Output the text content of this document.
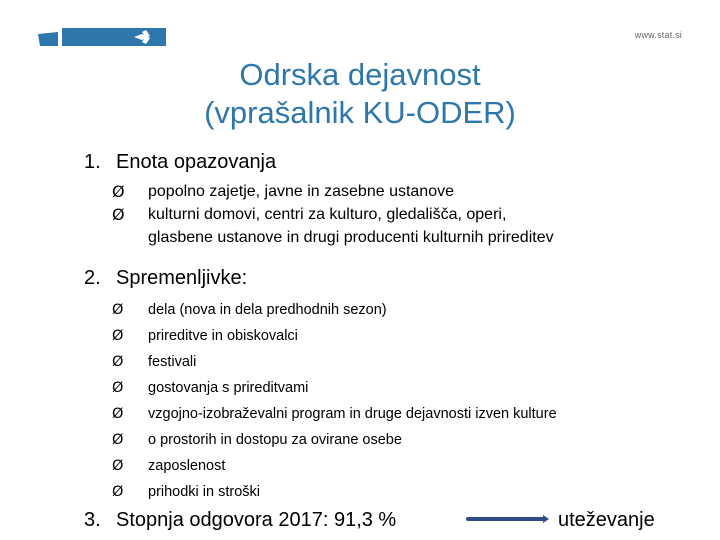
www.stat.si
Odrska dejavnost
(vprašalnik KU-ODER)
1. Enota opazovanja
Ø popolno zajetje, javne in zasebne ustanove
Ø kulturni domovi, centri za kulturo, gledališča, operi,
glasbene ustanove in drugi producenti kulturnih prireditev
2. Spremenljivke:
Ø dela (nova in dela predhodnih sezon)
Ø prireditve in obiskovalci
Ø festivali
Ø gostovanja s prireditvami
Ø vzgojno-izobraževalni program in druge dejavnosti izven kulture
Ø o prostorih in dostopu za ovirane osebe
Ø zaposlenost
Ø prihodki in stroški
3. Stopnja odgovora 2017: 91,3 %	uteževanje
